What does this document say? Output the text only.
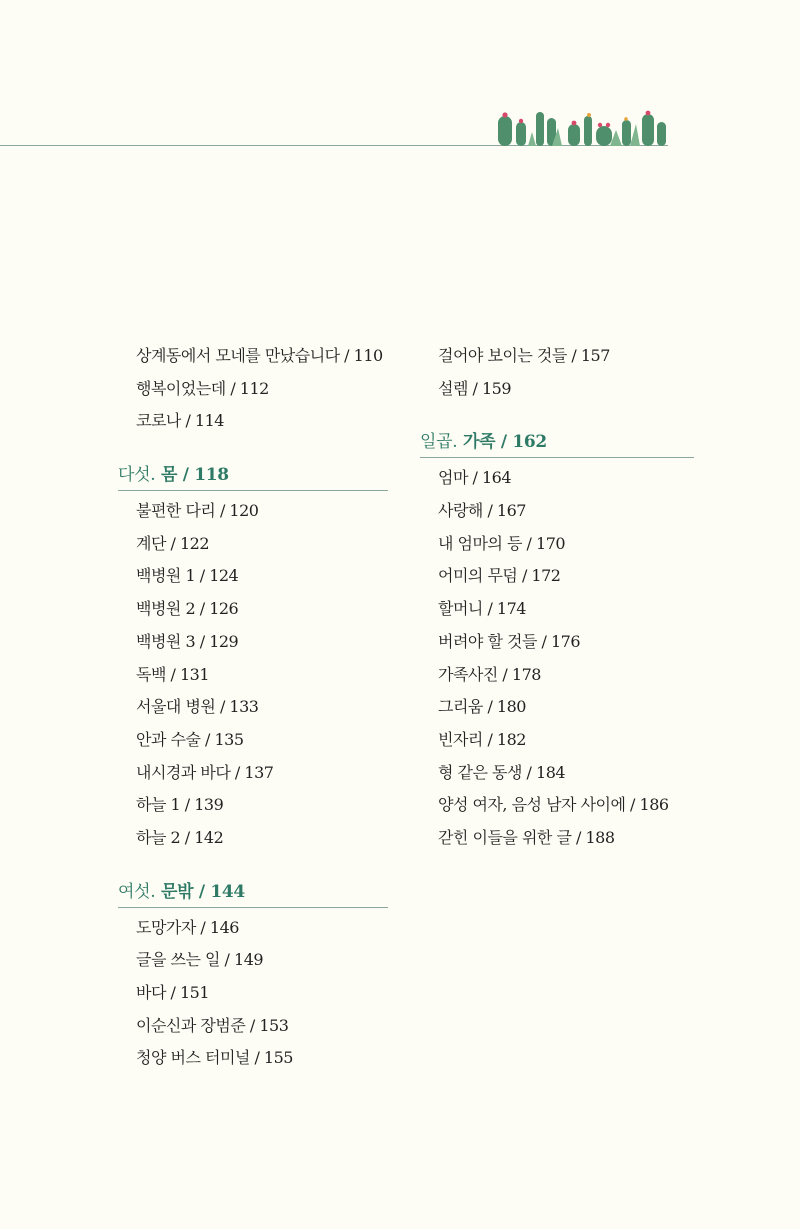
상계동에서 모네를 만났습니다 / 110
행복이었는데 / 112
코로나 / 114
다섯. 몸 / 118
불편한 다리 / 120
계단 / 122
백병원 1 / 124
백병원 2 / 126
백병원 3 / 129
독백 / 131
서울대 병원 / 133
안과 수술 / 135
내시경과 바다 / 137
하늘 1 / 139
하늘 2 / 142
여섯. 문밖 / 144
도망가자 / 146
글을 쓰는 일 / 149
바다 / 151
이순신과 장범준 / 153
청양 버스 터미널 / 155
걸어야 보이는 것들 / 157
설렘 / 159
일곱. 가족 / 162
엄마 / 164
사랑해 / 167
내 엄마의 등 / 170
어미의 무덤 / 172
할머니 / 174
버려야 할 것들 / 176
가족사진 / 178
그리움 / 180
빈자리 / 182
형 같은 동생 / 184
양성 여자, 음성 남자 사이에 / 186
갇힌 이들을 위한 글 / 188
